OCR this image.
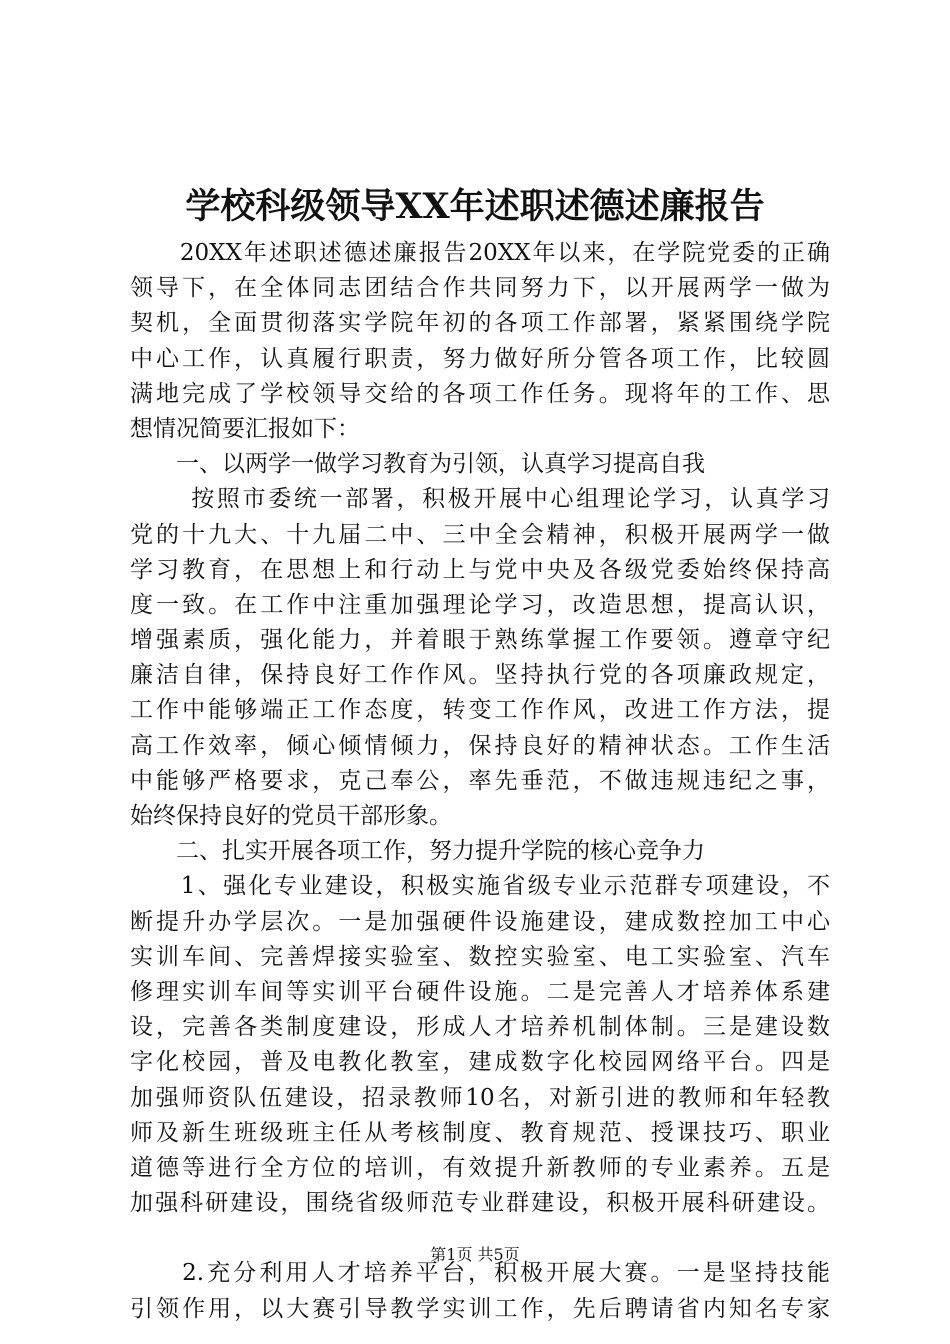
学校科级领导XX年述职述德述廉报告
　　20XX年述职述德述廉报告20XX年以来，在学院党委的正确
领导下，在全体同志团结合作共同努力下，以开展两学一做为
契机，全面贯彻落实学院年初的各项工作部署，紧紧围绕学院
中心工作，认真履行职责，努力做好所分管各项工作，比较圆
满地完成了学校领导交给的各项工作任务。现将年的工作、思
想情况简要汇报如下：
　　一、以两学一做学习教育为引领，认真学习提高自我
　　 按照市委统一部署，积极开展中心组理论学习，认真学习
党的十九大、十九届二中、三中全会精神，积极开展两学一做
学习教育，在思想上和行动上与党中央及各级党委始终保持高
度一致。在工作中注重加强理论学习，改造思想，提高认识，
增强素质，强化能力，并着眼于熟练掌握工作要领。遵章守纪
廉洁自律，保持良好工作作风。坚持执行党的各项廉政规定，
工作中能够端正工作态度，转变工作作风，改进工作方法，提
高工作效率，倾心倾情倾力，保持良好的精神状态。工作生活
中能够严格要求，克己奉公，率先垂范，不做违规违纪之事，
始终保持良好的党员干部形象。
　　二、扎实开展各项工作，努力提升学院的核心竞争力
　　1、强化专业建设，积极实施省级专业示范群专项建设，不
断提升办学层次。一是加强硬件设施建设，建成数控加工中心
实训车间、完善焊接实验室、数控实验室、电工实验室、汽车
修理实训车间等实训平台硬件设施。二是完善人才培养体系建
设，完善各类制度建设，形成人才培养机制体制。三是建设数
字化校园，普及电教化教室，建成数字化校园网络平台。四是
加强师资队伍建设，招录教师10名，对新引进的教师和年轻教
师及新生班级班主任从考核制度、教育规范、授课技巧、职业
道德等进行全方位的培训，有效提升新教师的专业素养。五是
加强科研建设，围绕省级师范专业群建设，积极开展科研建设。
　　2.充分利用人才培养平台，积极开展大赛。一是坚持技能
引领作用，以大赛引导教学实训工作，先后聘请省内知名专家
第1页 共5页
